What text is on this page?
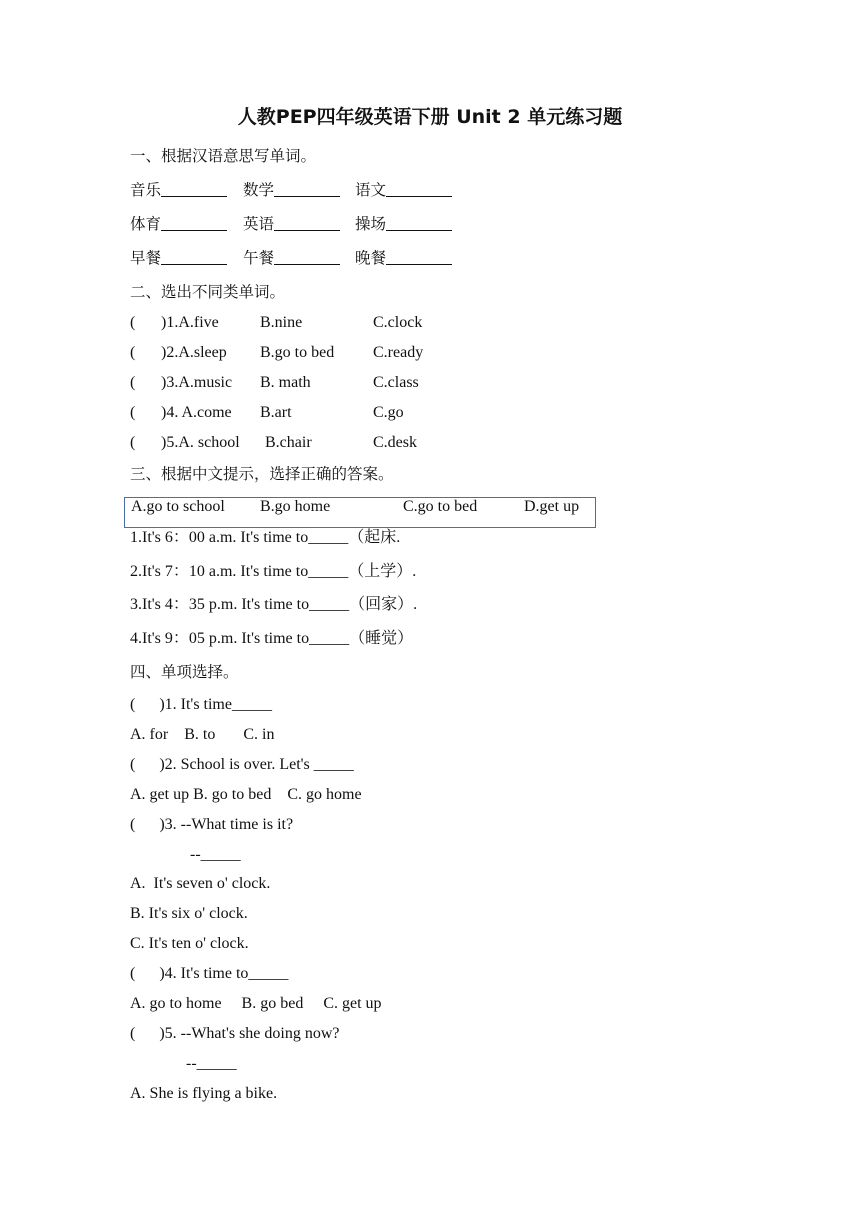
人教PEP四年级英语下册 Unit 2 单元练习题
一、根据汉语意思写单词。
音乐	数学	语文
体育	英语	操场
早餐	午餐	晚餐
二、选出不同类单词。
( )1.A.five	B.nine	C.clock
( )2.A.sleep B.go to bed C.ready
( )3.A.music B. math	C.class
( )4. A.come B.art	C.go
( )5.A. school B.chair	C.desk
三、根据中文提示，选择正确的答案。
A.go to school B.go home	C.go to bed	D.get up
1.It's 6：00 a.m. It's time to_____（起床.
2.It's 7：10 a.m. It's time to_____（上学）.
3.It's 4：35 p.m. It's time to_____（回家）.
4.It's 9：05 p.m. It's time to_____（睡觉）
四、单项选择。
(      )1. It's time_____
A. for    B. to       C. in
(      )2. School is over. Let's _____
A. get up B. go to bed    C. go home
(      )3. --What time is it?
--_____
A.  It's seven o' clock.
B. It's six o' clock.
C. It's ten o' clock.
(      )4. It's time to_____
A. go to home     B. go bed     C. get up
(      )5. --What's she doing now?
--_____
A. She is flying a bike.
